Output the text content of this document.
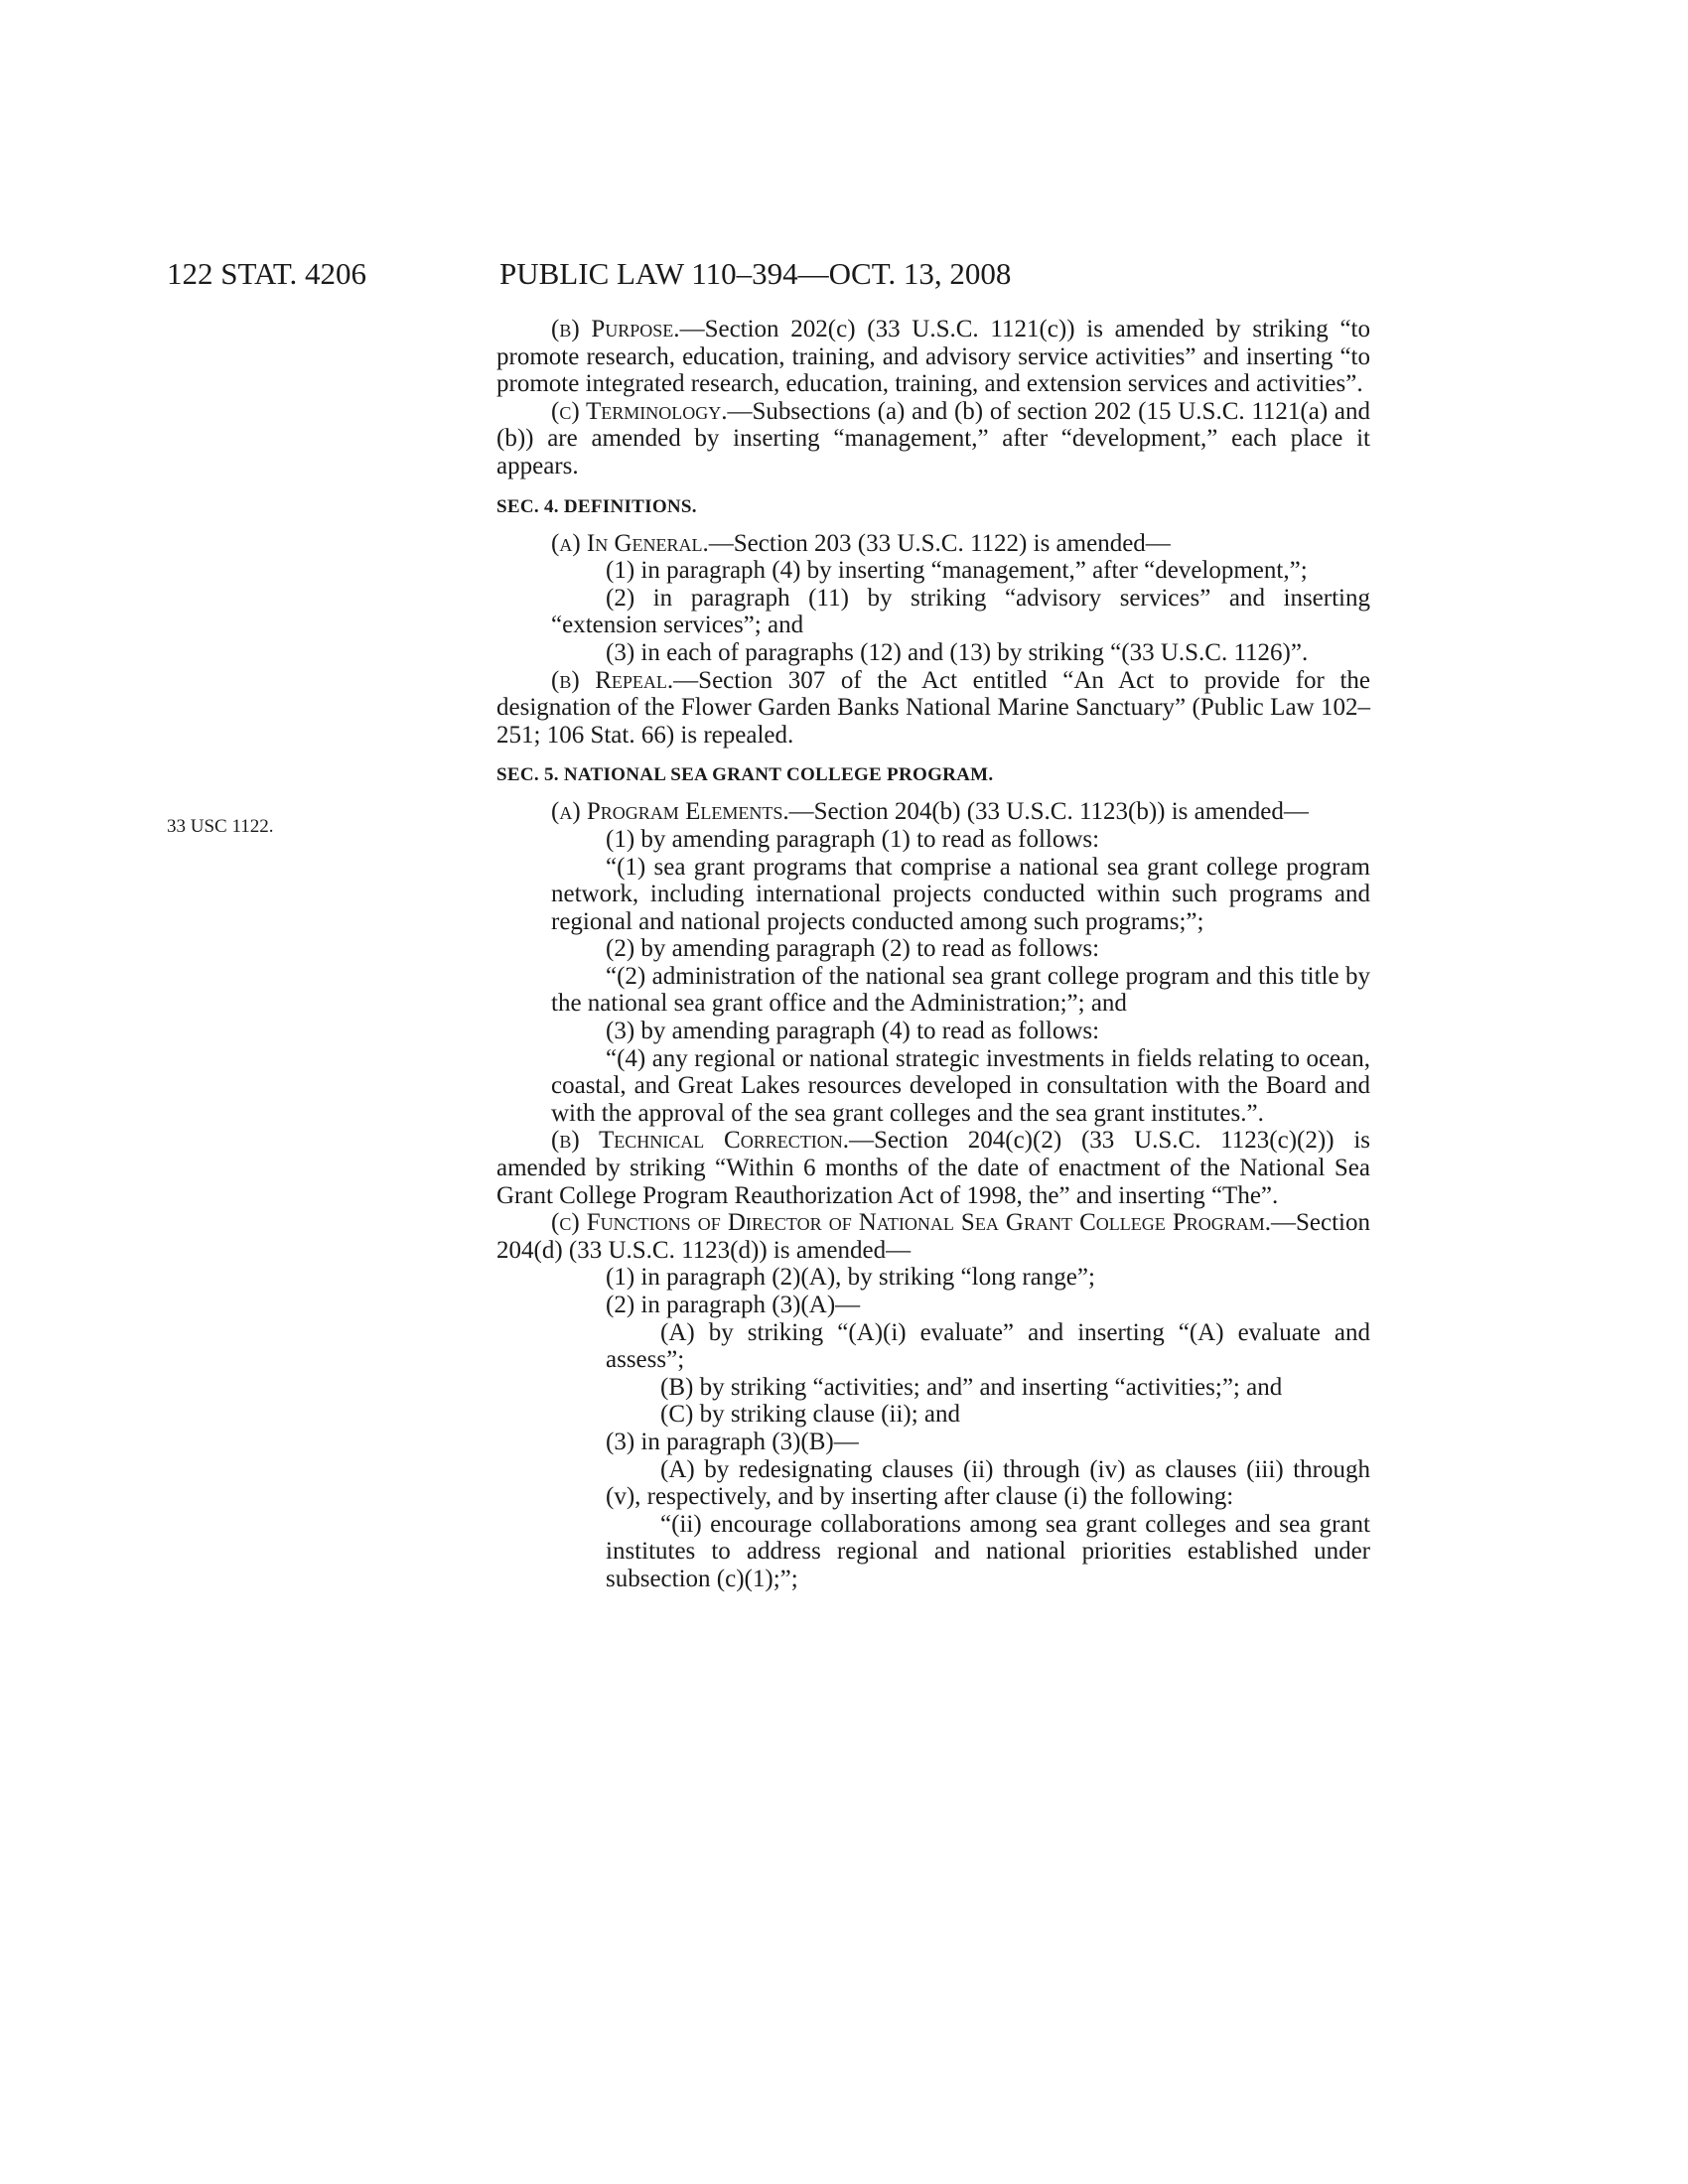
122 STAT. 4206	PUBLIC LAW 110–394—OCT. 13, 2008
33 USC 1122.

(b) Purpose.—Section 202(c) (33 U.S.C. 1121(c)) is amended by striking “to promote research, education, training, and advisory service activities” and inserting “to promote integrated research, education, training, and extension services and activities”.

(c) Terminology.—Subsections (a) and (b) of section 202 (15 U.S.C. 1121(a) and (b)) are amended by inserting “management,” after “development,” each place it appears.

SEC. 4. DEFINITIONS.

(a) In General.—Section 203 (33 U.S.C. 1122) is amended—

(1) in paragraph (4) by inserting “management,” after “development,”;

(2) in paragraph (11) by striking “advisory services” and inserting “extension services”; and

(3) in each of paragraphs (12) and (13) by striking “(33 U.S.C. 1126)”.

(b) Repeal.—Section 307 of the Act entitled “An Act to provide for the designation of the Flower Garden Banks National Marine Sanctuary” (Public Law 102–251; 106 Stat. 66) is repealed.

SEC. 5. NATIONAL SEA GRANT COLLEGE PROGRAM.

(a) Program Elements.—Section 204(b) (33 U.S.C. 1123(b)) is amended—

(1) by amending paragraph (1) to read as follows:

“(1) sea grant programs that comprise a national sea grant college program network, including international projects conducted within such programs and regional and national projects conducted among such programs;”;

(2) by amending paragraph (2) to read as follows:

“(2) administration of the national sea grant college program and this title by the national sea grant office and the Administration;”; and

(3) by amending paragraph (4) to read as follows:

“(4) any regional or national strategic investments in fields relating to ocean, coastal, and Great Lakes resources developed in consultation with the Board and with the approval of the sea grant colleges and the sea grant institutes.”.

(b) Technical Correction.—Section 204(c)(2) (33 U.S.C. 1123(c)(2)) is amended by striking “Within 6 months of the date of enactment of the National Sea Grant College Program Reauthorization Act of 1998, the” and inserting “The”.

(c) Functions of Director of National Sea Grant College Program.—Section 204(d) (33 U.S.C. 1123(d)) is amended—

(1) in paragraph (2)(A), by striking “long range”;

(2) in paragraph (3)(A)—

(A) by striking “(A)(i) evaluate” and inserting “(A) evaluate and assess”;

(B) by striking “activities; and” and inserting “activities;”; and

(C) by striking clause (ii); and

(3) in paragraph (3)(B)—

(A) by redesignating clauses (ii) through (iv) as clauses (iii) through (v), respectively, and by inserting after clause (i) the following:

“(ii) encourage collaborations among sea grant colleges and sea grant institutes to address regional and national priorities established under subsection (c)(1);”;
